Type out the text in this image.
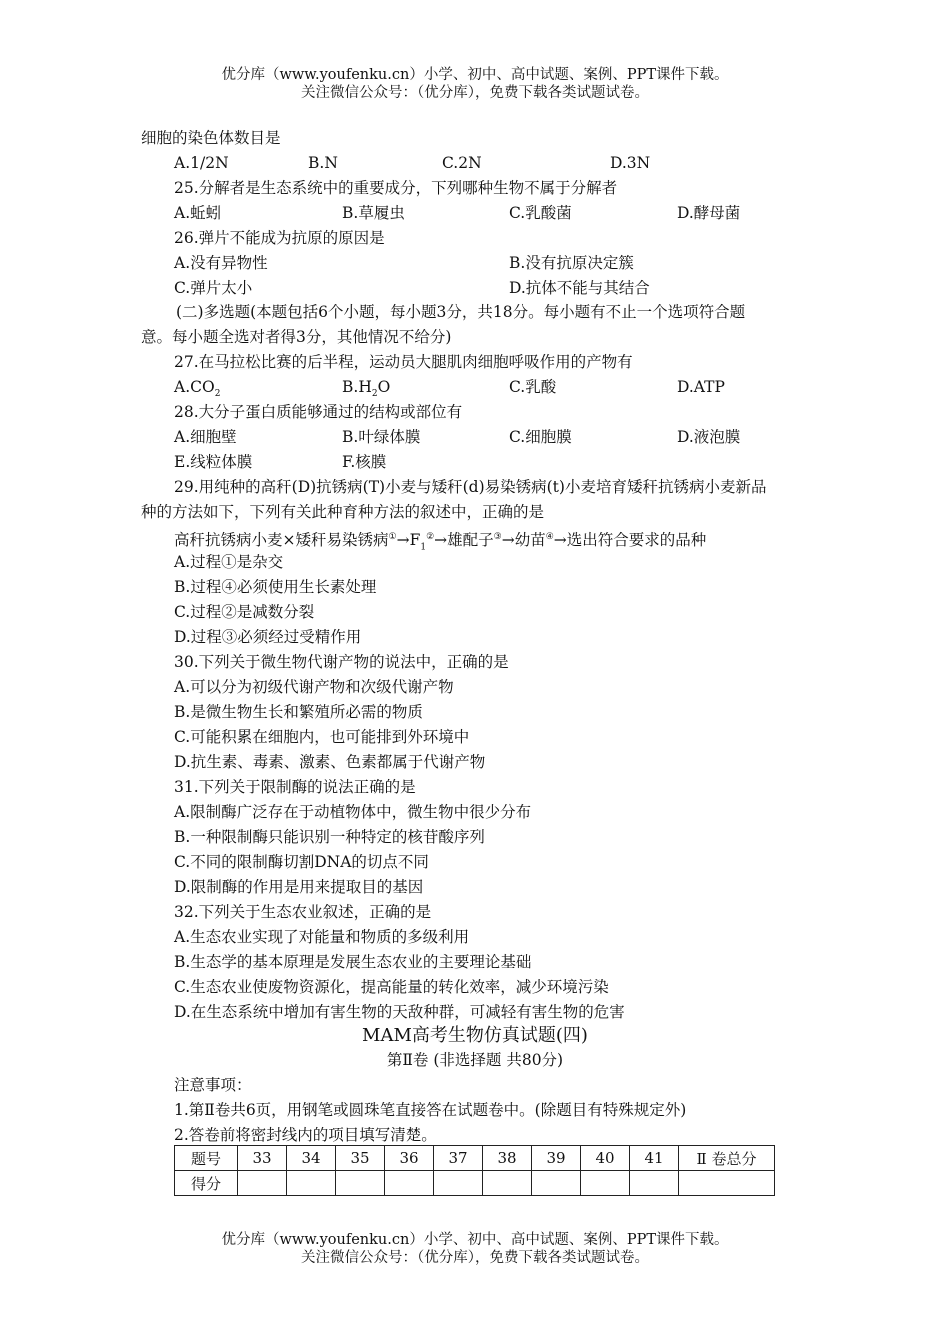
优分库（www.youfenku.cn）小学、初中、高中试题、案例、PPT课件下载。
关注微信公众号：（优分库），免费下载各类试题试卷。
细胞的染色体数目是
A.1/2N	B.N	C.2N	D.3N
25.分解者是生态系统中的重要成分，下列哪种生物不属于分解者
A.蚯蚓	B.草履虫	C.乳酸菌	D.酵母菌
26.弹片不能成为抗原的原因是
A.没有异物性	B.没有抗原决定簇
C.弹片太小	D.抗体不能与其结合
(二)多选题(本题包括6个小题，每小题3分，共18分。每小题有不止一个选项符合题
意。每小题全选对者得3分，其他情况不给分)
27.在马拉松比赛的后半程，运动员大腿肌肉细胞呼吸作用的产物有
$A.CO_2$	$B.H_2O$	C.乳酸	D.ATP
28.大分子蛋白质能够通过的结构或部位有
A.细胞壁	B.叶绿体膜	C.细胞膜	D.液泡膜
E.线粒体膜	F.核膜
29.用纯种的高秆(D)抗锈病(T)小麦与矮秆(d)易染锈病(t)小麦培育矮秆抗锈病小麦新品
种的方法如下，下列有关此种育种方法的叙述中，正确的是
高秆抗锈病小麦×矮秆易染锈病$^①\to F_1^②\to$雄配子③→幼苗④→选出符合要求的品种
A.过程①是杂交
B.过程④必须使用生长素处理
C.过程②是减数分裂
D.过程③必须经过受精作用
30.下列关于微生物代谢产物的说法中，正确的是
A.可以分为初级代谢产物和次级代谢产物
B.是微生物生长和繁殖所必需的物质
C.可能积累在细胞内，也可能排到外环境中
D.抗生素、毒素、激素、色素都属于代谢产物
31.下列关于限制酶的说法正确的是
A.限制酶广泛存在于动植物体中，微生物中很少分布
B.一种限制酶只能识别一种特定的核苷酸序列
C.不同的限制酶切割DNA的切点不同
D.限制酶的作用是用来提取目的基因
32.下列关于生态农业叙述，正确的是
A.生态农业实现了对能量和物质的多级利用
B.生态学的基本原理是发展生态农业的主要理论基础
C.生态农业使废物资源化，提高能量的转化效率，减少环境污染
D.在生态系统中增加有害生物的天敌种群，可减轻有害生物的危害
MAM高考生物仿真试题(四)
第Ⅱ卷 (非选择题 共80分)
注意事项：
1.第Ⅱ卷共6页，用钢笔或圆珠笔直接答在试题卷中。(除题目有特殊规定外)
2.答卷前将密封线内的项目填写清楚。
题号	33	34	35	36	37	38	39	40	41	Ⅱ 卷总分
得分										
优分库（www.youfenku.cn）小学、初中、高中试题、案例、PPT课件下载。
关注微信公众号：（优分库），免费下载各类试题试卷。
